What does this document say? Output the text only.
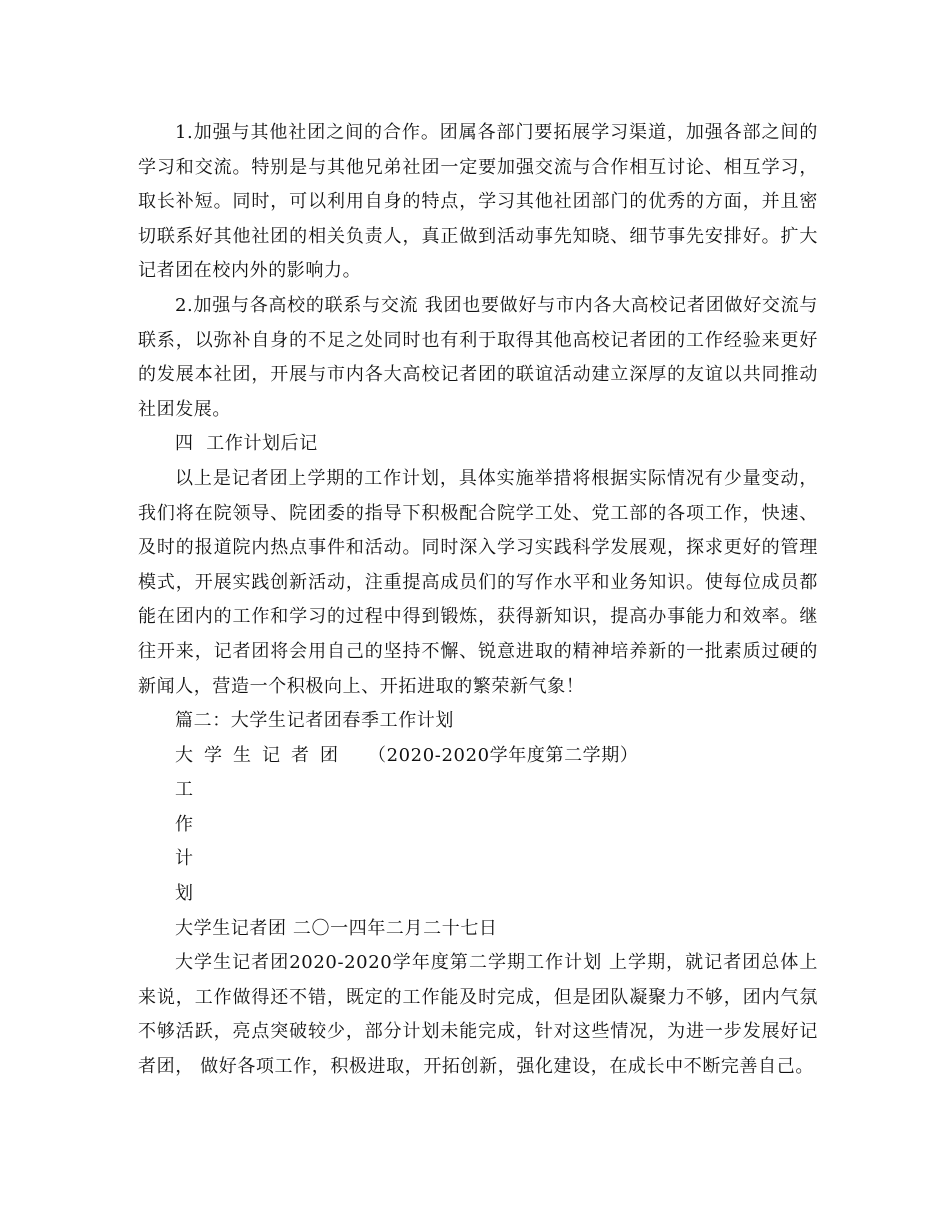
1.加强与其他社团之间的合作。团属各部门要拓展学习渠道，加强各部之间的学习和交流。特别是与其他兄弟社团一定要加强交流与合作相互讨论、相互学习，取长补短。同时，可以利用自身的特点，学习其他社团部门的优秀的方面，并且密切联系好其他社团的相关负责人，真正做到活动事先知晓、细节事先安排好。扩大记者团在校内外的影响力。

2.加强与各高校的联系与交流 我团也要做好与市内各大高校记者团做好交流与联系，以弥补自身的不足之处同时也有利于取得其他高校记者团的工作经验来更好的发展本社团，开展与市内各大高校记者团的联谊活动建立深厚的友谊以共同推动社团发展。

四  工作计划后记

以上是记者团上学期的工作计划，具体实施举措将根据实际情况有少量变动，我们将在院领导、院团委的指导下积极配合院学工处、党工部的各项工作，快速、及时的报道院内热点事件和活动。同时深入学习实践科学发展观，探求更好的管理模式，开展实践创新活动，注重提高成员们的写作水平和业务知识。使每位成员都能在团内的工作和学习的过程中得到锻炼，获得新知识，提高办事能力和效率。继往开来，记者团将会用自己的坚持不懈、锐意进取的精神培养新的一批素质过硬的新闻人，营造一个积极向上、开拓进取的繁荣新气象！

篇二：大学生记者团春季工作计划

大学生记者团 （2020-2020学年度第二学期）

工

作

计

划

大学生记者团 二〇一四年二月二十七日

大学生记者团2020-2020学年度第二学期工作计划 上学期，就记者团总体上来说，工作做得还不错，既定的工作能及时完成，但是团队凝聚力不够，团内气氛不够活跃，亮点突破较少，部分计划未能完成，针对这些情况，为进一步发展好记者团， 做好各项工作，积极进取，开拓创新，强化建设，在成长中不断完善自己。
